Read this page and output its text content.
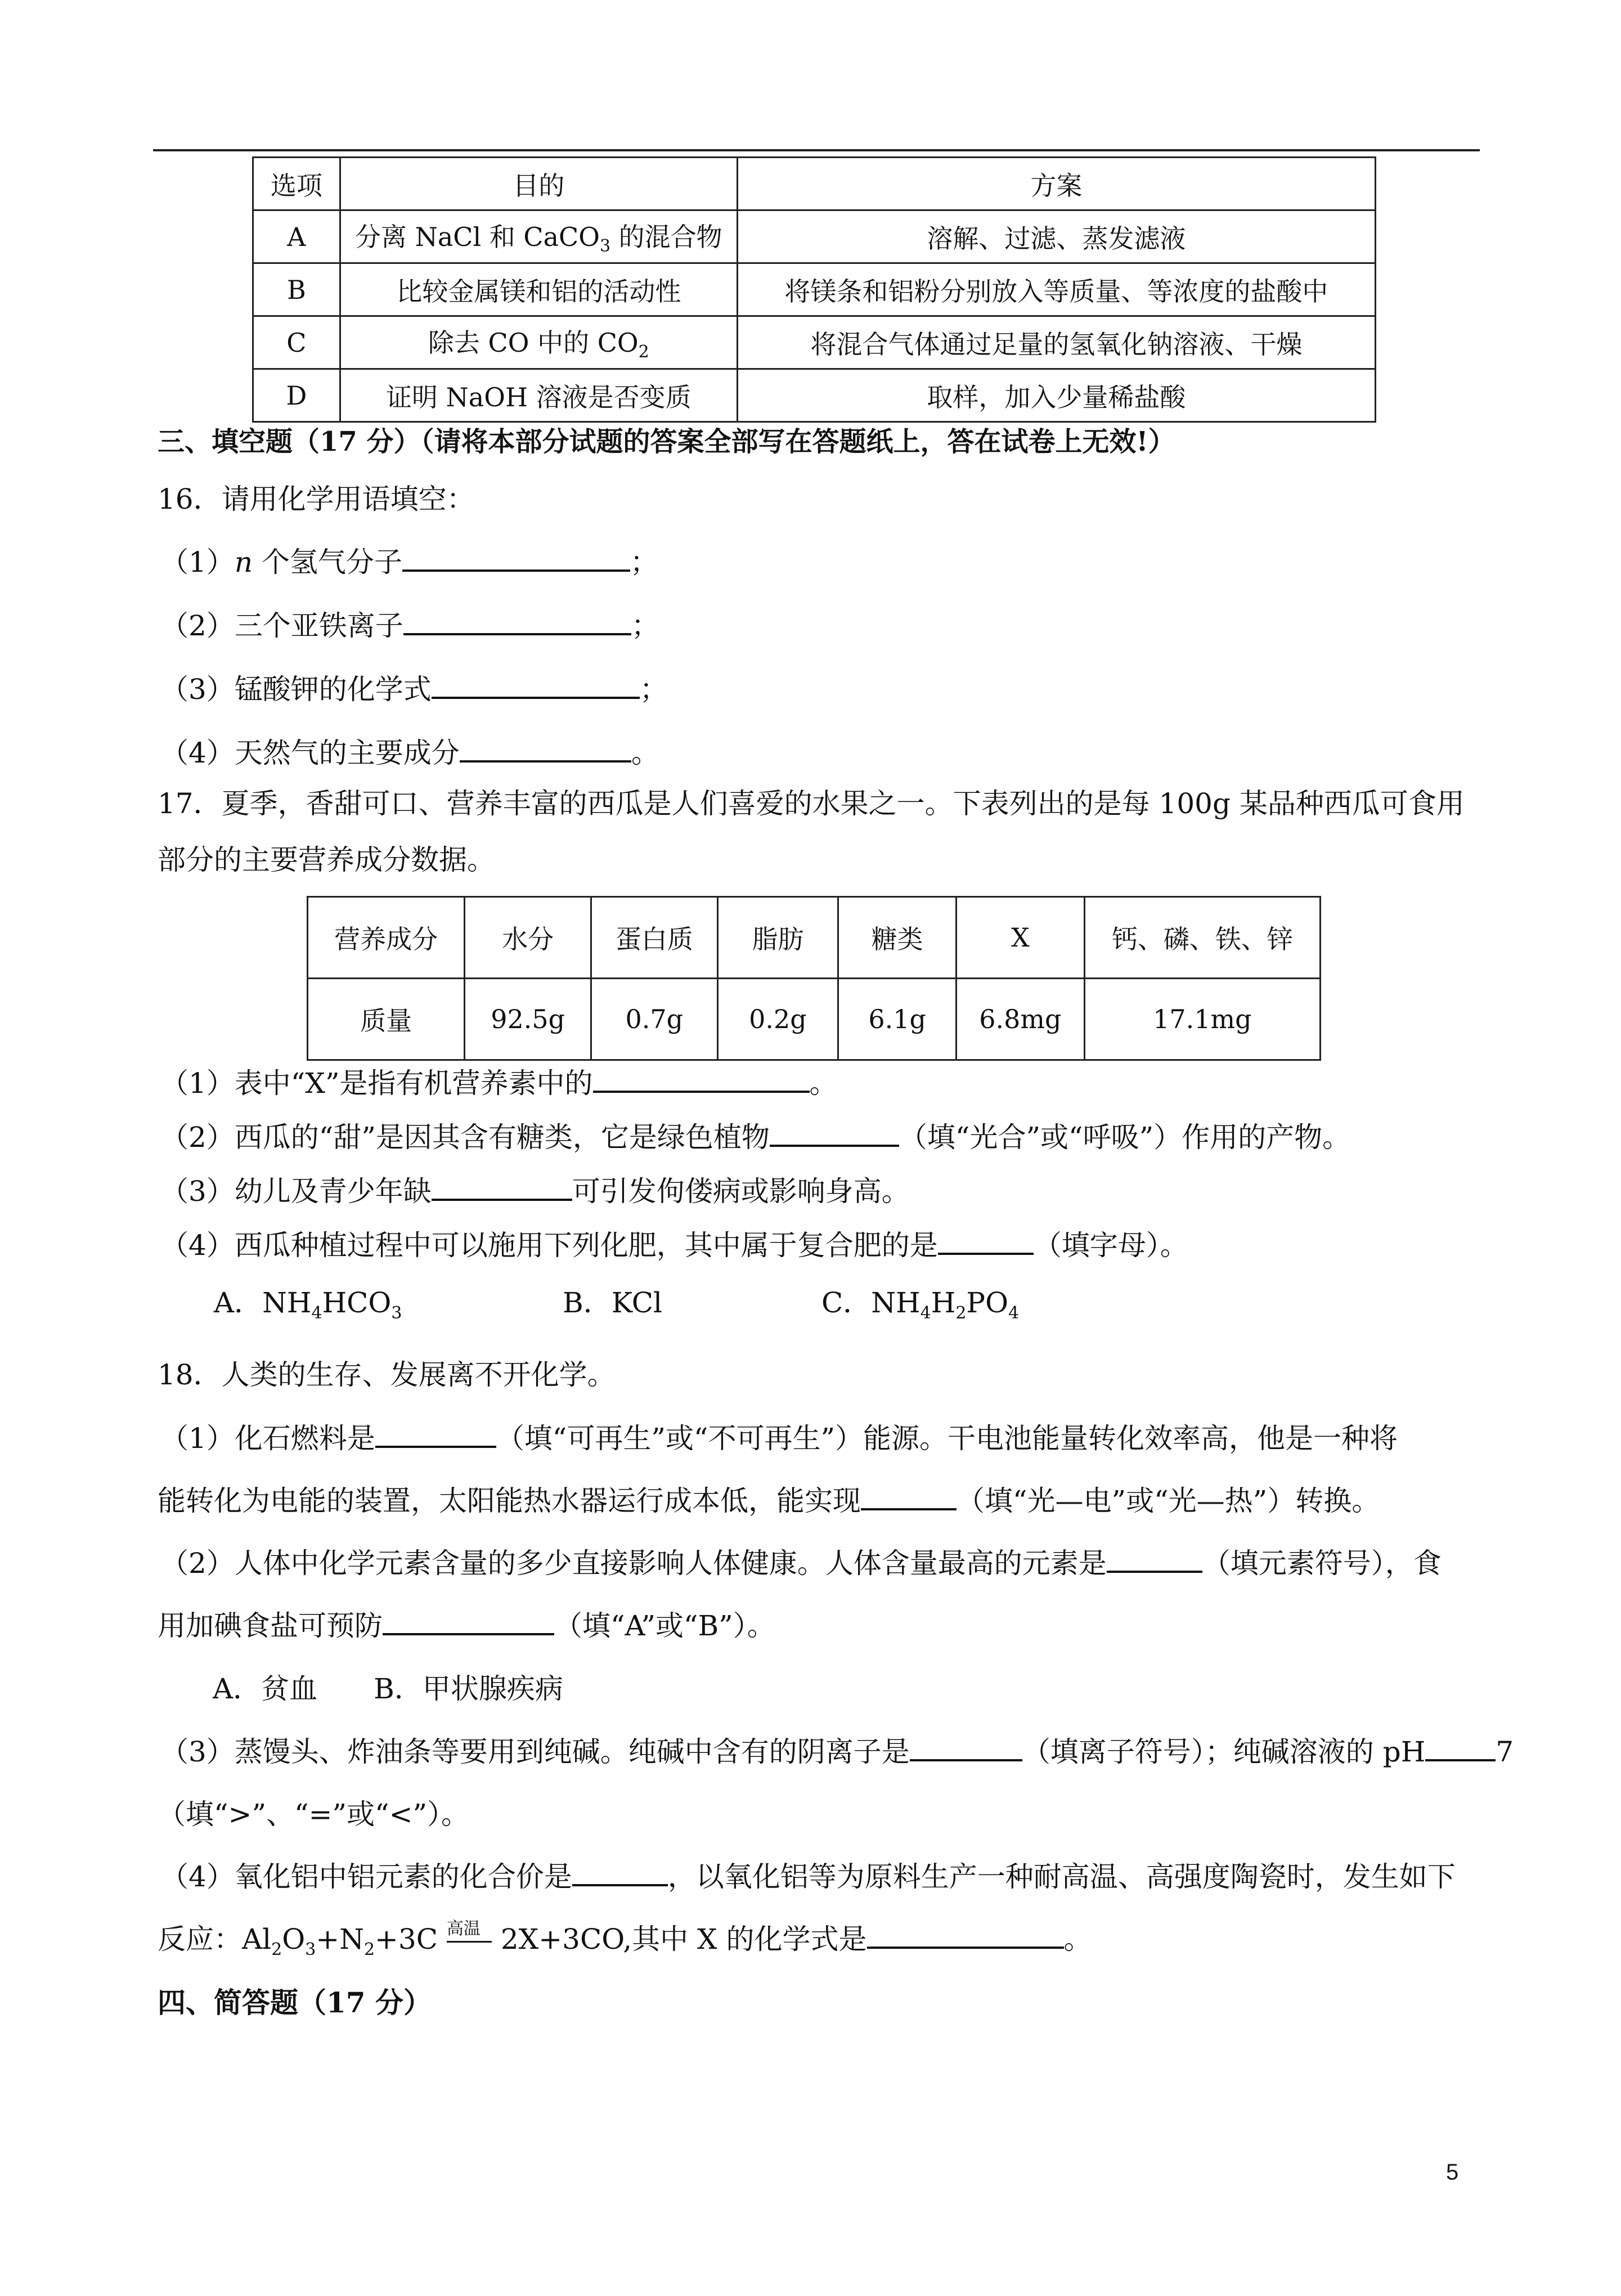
选项	目的	方案
A	分离 NaCl 和 CaCO$_3$ 的混合物	溶解、过滤、蒸发滤液
B	比较金属镁和铝的活动性	将镁条和铝粉分别放入等质量、等浓度的盐酸中
C	除去 CO 中的 $CO_2$	将混合气体通过足量的氢氧化钠溶液、干燥
D	证明 NaOH 溶液是否变质	取样，加入少量稀盐酸
三、填空题（17 分）（请将本部分试题的答案全部写在答题纸上，答在试卷上无效!）
16．请用化学用语填空：
（1）n 个氢气分子	；
（2）三个亚铁离子	；
（3）锰酸钾的化学式	；
（4）天然气的主要成分	。
17．夏季，香甜可口、营养丰富的西瓜是人们喜爱的水果之一。下表列出的是每 100g 某品种西瓜可食用
部分的主要营养成分数据。
营养成分	水分	蛋白质	脂肪	糖类	X	钙、磷、铁、锌
质量	92.5g	0.7g	0.2g	6.1g	6.8mg	17.1mg
（1）表中“X”是指有机营养素中的	。
（2）西瓜的“甜”是因其含有糖类，它是绿色植物	（填“光合”或“呼吸”）作用的产物。
（3）幼儿及青少年缺	可引发佝偻病或影响身高。
（4）西瓜种植过程中可以施用下列化肥，其中属于复合肥的是	（填字母）。
A．$NH_4HCO_3$	B．KCl	C．$NH_4H_2PO_4$
18．人类的生存、发展离不开化学。
（1）化石燃料是	（填“可再生”或“不可再生”）能源。干电池能量转化效率高，他是一种将
能转化为电能的装置，太阳能热水器运行成本低，能实现	（填“光—电”或“光—热”）转换。
（2）人体中化学元素含量的多少直接影响人体健康。人体含量最高的元素是	（填元素符号），食
用加碘食盐可预防	（填“A”或“B”）。
A．贫血　　B．甲状腺疾病
（3）蒸馒头、炸油条等要用到纯碱。纯碱中含有的阴离子是	（填离子符号）；纯碱溶液的 pH	7
（填“>”、“=”或“<”）。
（4）氧化铝中铝元素的化合价是	，以氧化铝等为原料生产一种耐高温、高强度陶瓷时，发生如下
反应：$Al_2O_3+N_2+3C$ 高温 2X+3CO,其中 X 的化学式是	。
四、简答题（17 分）
5
